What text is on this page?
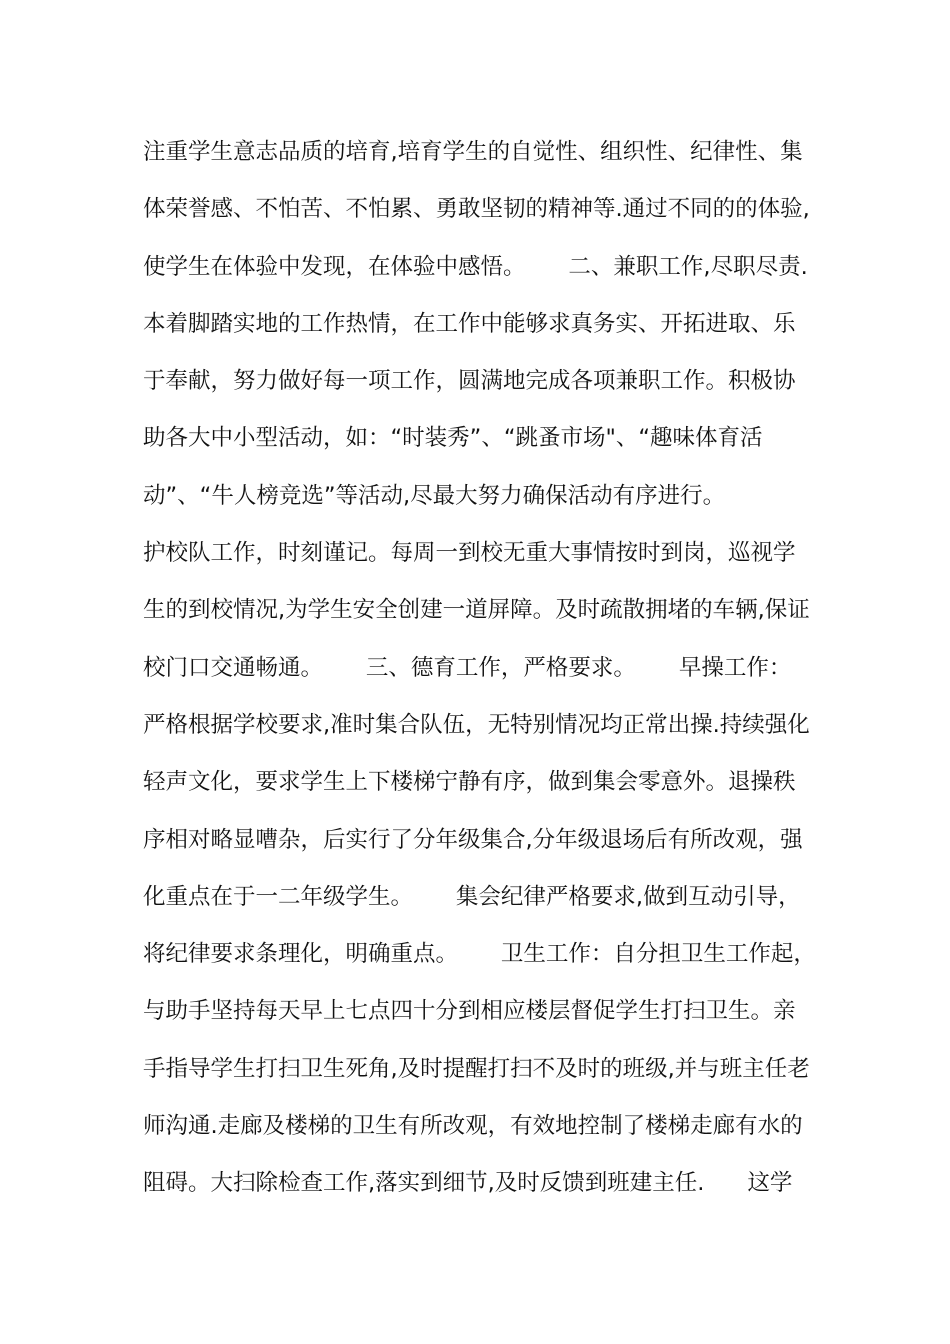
注重学生意志品质的培育,培育学生的自觉性、组织性、纪律性、集
体荣誉感、不怕苦、不怕累、勇敢坚韧的精神等.通过不同的的体验,
使学生在体验中发现，在体验中感悟。      二、兼职工作,尽职尽责.
本着脚踏实地的工作热情，在工作中能够求真务实、开拓进取、乐
于奉献，努力做好每一项工作，圆满地完成各项兼职工作。积极协
助各大中小型活动，如：“时装秀”、“跳蚤市场"、“趣味体育活
动”、“牛人榜竞选”等活动,尽最大努力确保活动有序进行。
护校队工作，时刻谨记。每周一到校无重大事情按时到岗，巡视学
生的到校情况,为学生安全创建一道屏障。及时疏散拥堵的车辆,保证
校门口交通畅通。      三、德育工作，严格要求。      早操工作：
严格根据学校要求,准时集合队伍，无特别情况均正常出操.持续强化
轻声文化，要求学生上下楼梯宁静有序，做到集会零意外。退操秩
序相对略显嘈杂，后实行了分年级集合,分年级退场后有所改观，强
化重点在于一二年级学生。      集会纪律严格要求,做到互动引导，
将纪律要求条理化，明确重点。      卫生工作：自分担卫生工作起，
与助手坚持每天早上七点四十分到相应楼层督促学生打扫卫生。亲
手指导学生打扫卫生死角,及时提醒打扫不及时的班级,并与班主任老
师沟通.走廊及楼梯的卫生有所改观，有效地控制了楼梯走廊有水的
阻碍。大扫除检查工作,落实到细节,及时反馈到班建主任.      这学
